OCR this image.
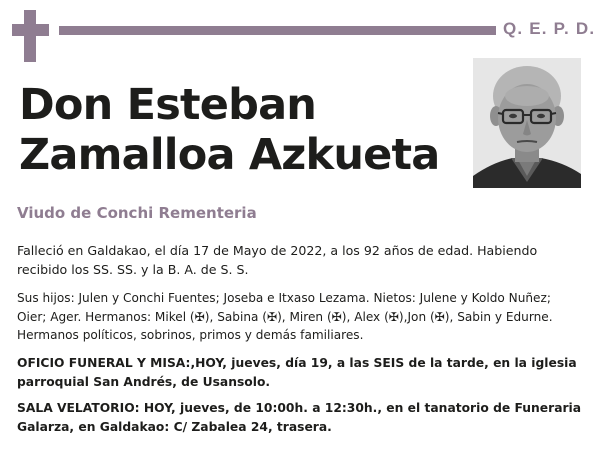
Q. E. P. D.
Don Esteban
Zamalloa Azkueta
Viudo de Conchi Rementeria
Falleció en Galdakao, el día 17 de Mayo de 2022, a los 92 años de edad. Habiendo recibido los SS. SS. y la B. A. de S. S.
Sus hijos: Julen y Conchi Fuentes; Joseba e Itxaso Lezama. Nietos: Julene y Koldo Nuñez; Oier; Ager. Hermanos: Mikel (✠), Sabina (✠), Miren (✠), Alex (✠),Jon (✠), Sabin y Edurne. Hermanos políticos, sobrinos, primos y demás familiares.
OFICIO FUNERAL Y MISA:,HOY, jueves, día 19, a las SEIS de la tarde, en la iglesia parroquial San Andrés, de Usansolo.
SALA VELATORIO: HOY, jueves, de 10:00h. a 12:30h., en el tanatorio de Funeraria Galarza, en Galdakao: C/ Zabalea 24, trasera.
